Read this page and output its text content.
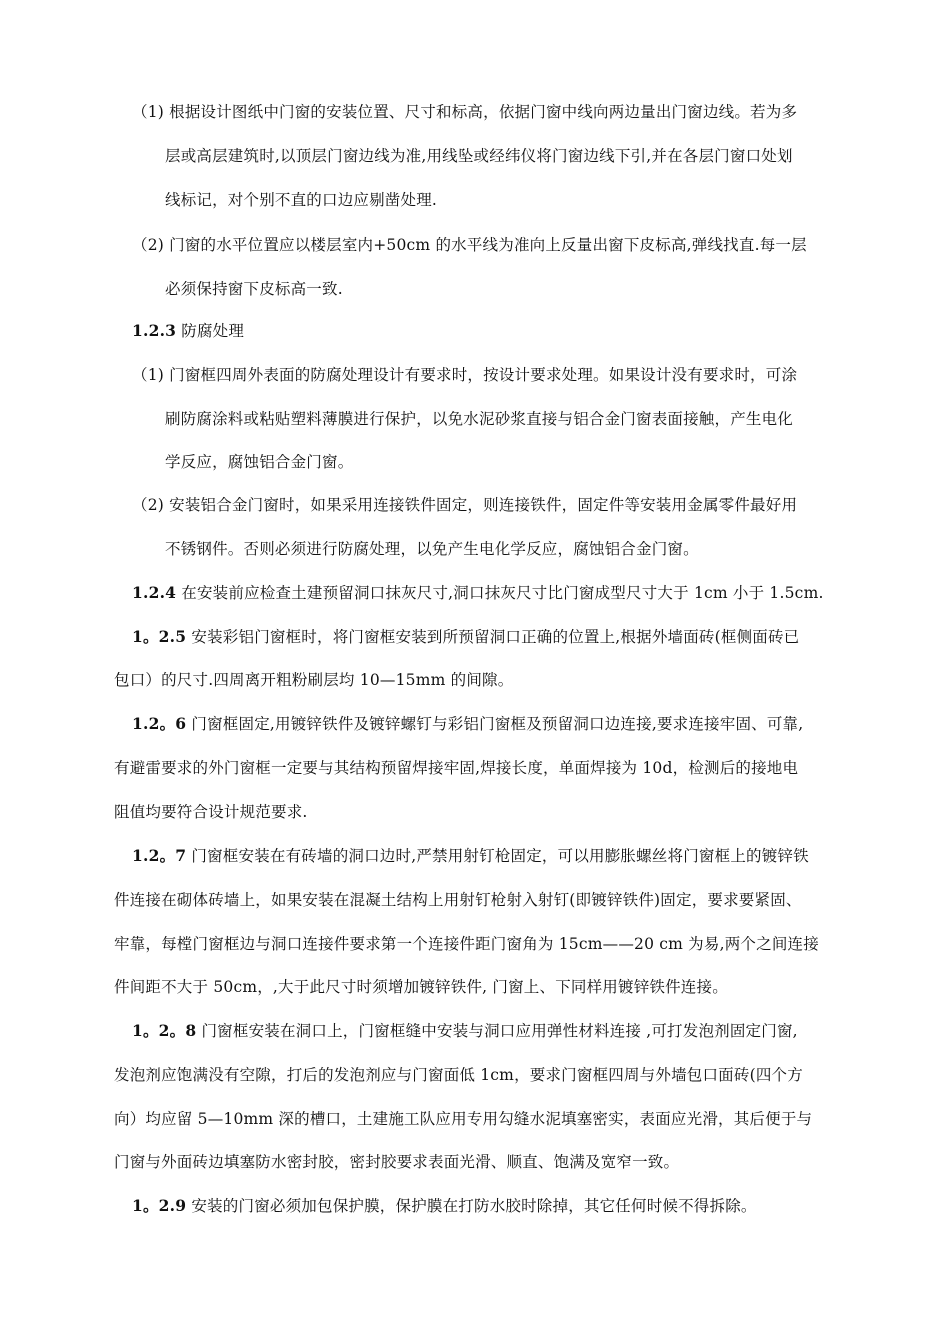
（1) 根据设计图纸中门窗的安装位置、尺寸和标高，依据门窗中线向两边量出门窗边线。若为多
层或高层建筑时,以顶层门窗边线为准,用线坠或经纬仪将门窗边线下引,并在各层门窗口处划
线标记，对个别不直的口边应剔凿处理.
（2) 门窗的水平位置应以楼层室内+50cm 的水平线为准向上反量出窗下皮标高,弹线找直.每一层
必须保持窗下皮标高一致.
1.2.3 防腐处理
（1) 门窗框四周外表面的防腐处理设计有要求时，按设计要求处理。如果设计没有要求时，可涂
刷防腐涂料或粘贴塑料薄膜进行保护，以免水泥砂浆直接与铝合金门窗表面接触，产生电化
学反应，腐蚀铝合金门窗。
（2) 安装铝合金门窗时，如果采用连接铁件固定，则连接铁件，固定件等安装用金属零件最好用
不锈钢件。否则必须进行防腐处理，以免产生电化学反应，腐蚀铝合金门窗。
1.2.4 在安装前应检查土建预留洞口抹灰尺寸,洞口抹灰尺寸比门窗成型尺寸大于 1cm 小于 1.5cm.
1。2.5 安装彩铝门窗框时，将门窗框安装到所预留洞口正确的位置上,根据外墙面砖(框侧面砖已
包口）的尺寸.四周离开粗粉刷层均 10—15mm 的间隙。
1.2。6 门窗框固定,用镀锌铁件及镀锌螺钉与彩铝门窗框及预留洞口边连接,要求连接牢固、可靠,
有避雷要求的外门窗框一定要与其结构预留焊接牢固,焊接长度，单面焊接为 10d，检测后的接地电
阻值均要符合设计规范要求.
1.2。7 门窗框安装在有砖墙的洞口边时,严禁用射钉枪固定，可以用膨胀螺丝将门窗框上的镀锌铁
件连接在砌体砖墙上，如果安装在混凝土结构上用射钉枪射入射钉(即镀锌铁件)固定，要求要紧固、
牢靠，每樘门窗框边与洞口连接件要求第一个连接件距门窗角为 15cm——20 cm 为易,两个之间连接
件间距不大于 50cm，,大于此尺寸时须增加镀锌铁件, 门窗上、下同样用镀锌铁件连接。
1。2。8 门窗框安装在洞口上，门窗框缝中安装与洞口应用弹性材料连接 ,可打发泡剂固定门窗,
发泡剂应饱满没有空隙，打后的发泡剂应与门窗面低 1cm，要求门窗框四周与外墙包口面砖(四个方
向）均应留 5—10mm 深的槽口，土建施工队应用专用勾缝水泥填塞密实，表面应光滑，其后便于与
门窗与外面砖边填塞防水密封胶，密封胶要求表面光滑、顺直、饱满及宽窄一致。
1。2.9 安装的门窗必须加包保护膜，保护膜在打防水胶时除掉，其它任何时候不得拆除。
